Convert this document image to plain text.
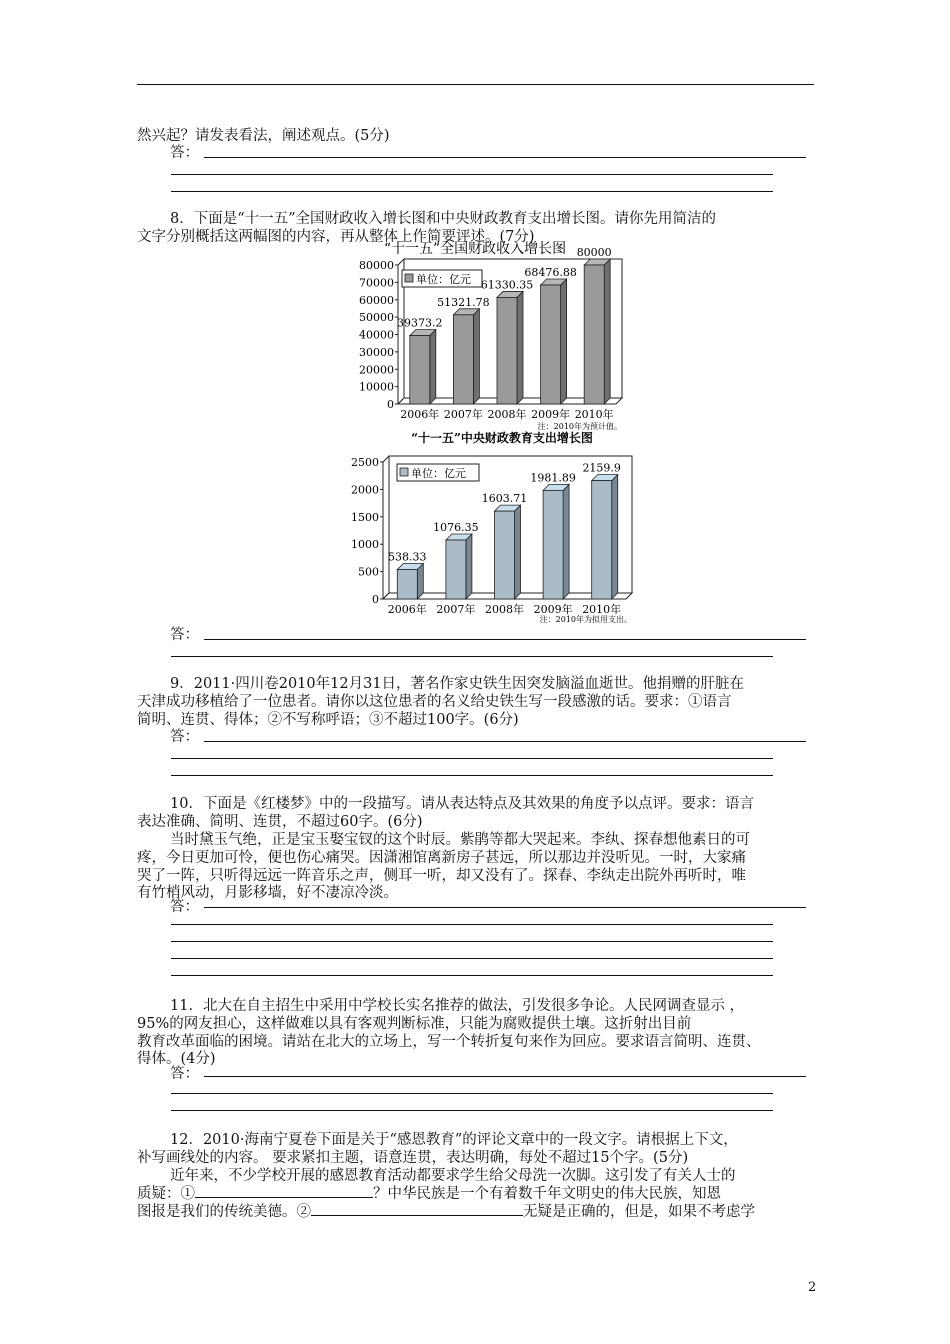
然兴起？请发表看法，阐述观点。(5分)
答：
8．下面是“十一五”全国财政收入增长图和中央财政教育支出增长图。请你先用简洁的
文字分别概括这两幅图的内容，再从整体上作简要评述。(7分)
“十一五”全国财政收入增长图
0
10000
20000
30000
40000
50000
60000
70000
80000
单位：亿元
39373.2
2006年
51321.78
2007年
61330.35
2008年
68476.88
2009年
80000
2010年
注：2010年为预计值。
“十一五”中央财政教育支出增长图
0
500
1000
1500
2000
2500
单位：亿元
538.33
2006年
1076.35
2007年
1603.71
2008年
1981.89
2009年
2159.9
2010年
注：2010年为拟用支出。
答：
9．2011·四川卷2010年12月31日，著名作家史铁生因突发脑溢血逝世。他捐赠的肝脏在
天津成功移植给了一位患者。请你以这位患者的名义给史铁生写一段感激的话。要求：①语言
简明、连贯、得体；②不写称呼语；③不超过100字。(6分)
答：
10．下面是《红楼梦》中的一段描写。请从表达特点及其效果的角度予以点评。要求：语言
表达准确、简明、连贯，不超过60字。(6分)
当时黛玉气绝，正是宝玉娶宝钗的这个时辰。紫鹃等都大哭起来。李纨、探春想他素日的可
疼，今日更加可怜，便也伤心痛哭。因潇湘馆离新房子甚远，所以那边并没听见。一时，大家痛
哭了一阵，只听得远远一阵音乐之声，侧耳一听，却又没有了。探春、李纨走出院外再听时，唯
有竹梢风动，月影移墙，好不凄凉冷淡。
答：
11．北大在自主招生中采用中学校长实名推荐的做法，引发很多争论。人民网调查显示 ，
95%的网友担心，这样做难以具有客观判断标准，只能为腐败提供土壤。这折射出目前
教育改革面临的困境。请站在北大的立场上，写一个转折复句来作为回应。要求语言简明、连贯、
得体。(4分)
答：
12．2010·海南宁夏卷下面是关于“感恩教育”的评论文章中的一段文字。请根据上下文，
补写画线处的内容。 要求紧扣主题，语意连贯，表达明确，每处不超过15个字。(5分)
近年来，不少学校开展的感恩教育活动都要求学生给父母洗一次脚。这引发了有关人士的
质疑：①	？中华民族是一个有着数千年文明史的伟大民族，知恩
图报是我们的传统美德。②	无疑是正确的，但是，如果不考虑学
2
